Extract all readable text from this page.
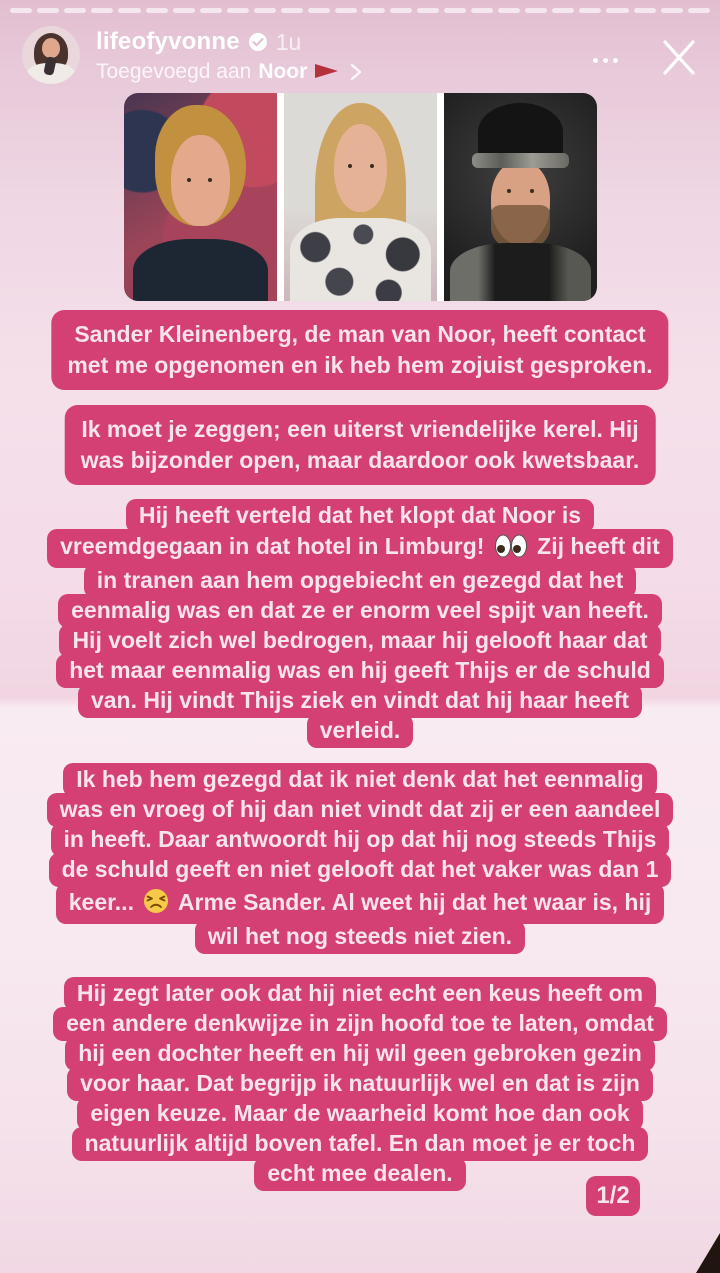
lifeofyvonne 1u
Toegevoegd aan Noor
Sander Kleinenberg, de man van Noor, heeft contact
met me opgenomen en ik heb hem zojuist gesproken.
Ik moet je zeggen; een uiterst vriendelijke kerel. Hij
was bijzonder open, maar daardoor ook kwetsbaar.
Hij heeft verteld dat het klopt dat Noor is
vreemdgegaan in dat hotel in Limburg!  Zij heeft dit
in tranen aan hem opgebiecht en gezegd dat het
eenmalig was en dat ze er enorm veel spijt van heeft.
Hij voelt zich wel bedrogen, maar hij gelooft haar dat
het maar eenmalig was en hij geeft Thijs er de schuld
van. Hij vindt Thijs ziek en vindt dat hij haar heeft
verleid.
Ik heb hem gezegd dat ik niet denk dat het eenmalig
was en vroeg of hij dan niet vindt dat zij er een aandeel
in heeft. Daar antwoordt hij op dat hij nog steeds Thijs
de schuld geeft en niet gelooft dat het vaker was dan 1
keer...  Arme Sander. Al weet hij dat het waar is, hij
wil het nog steeds niet zien.
Hij zegt later ook dat hij niet echt een keus heeft om
een andere denkwijze in zijn hoofd toe te laten, omdat
hij een dochter heeft en hij wil geen gebroken gezin
voor haar. Dat begrijp ik natuurlijk wel en dat is zijn
eigen keuze. Maar de waarheid komt hoe dan ook
natuurlijk altijd boven tafel. En dan moet je er toch
echt mee dealen.
1/2
